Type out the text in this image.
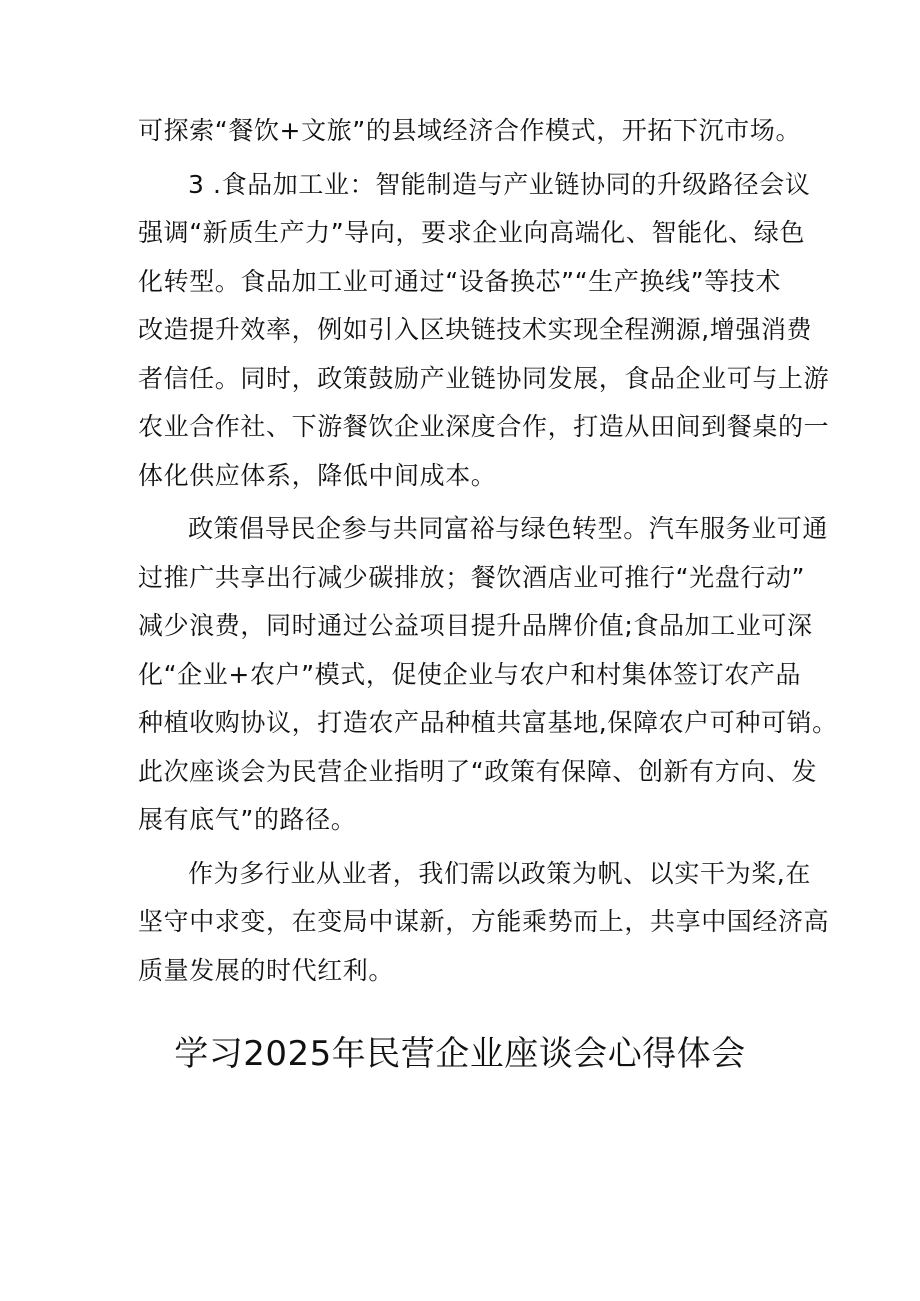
可探索“餐饮+文旅”的县域经济合作模式，开拓下沉市场。
3 .食品加工业：智能制造与产业链协同的升级路径会议
强调“新质生产力”导向，要求企业向高端化、智能化、绿色
化转型。食品加工业可通过“设备换芯”“生产换线”等技术
改造提升效率，例如引入区块链技术实现全程溯源,增强消费
者信任。同时，政策鼓励产业链协同发展，食品企业可与上游
农业合作社、下游餐饮企业深度合作，打造从田间到餐桌的一
体化供应体系，降低中间成本。
政策倡导民企参与共同富裕与绿色转型。汽车服务业可通
过推广共享出行减少碳排放；餐饮酒店业可推行“光盘行动”
减少浪费，同时通过公益项目提升品牌价值;食品加工业可深
化“企业+农户”模式，促使企业与农户和村集体签订农产品
种植收购协议，打造农产品种植共富基地,保障农户可种可销。
此次座谈会为民营企业指明了“政策有保障、创新有方向、发
展有底气”的路径。
作为多行业从业者，我们需以政策为帆、以实干为桨,在
坚守中求变，在变局中谋新，方能乘势而上，共享中国经济高
质量发展的时代红利。
学习2025年民营企业座谈会心得体会
